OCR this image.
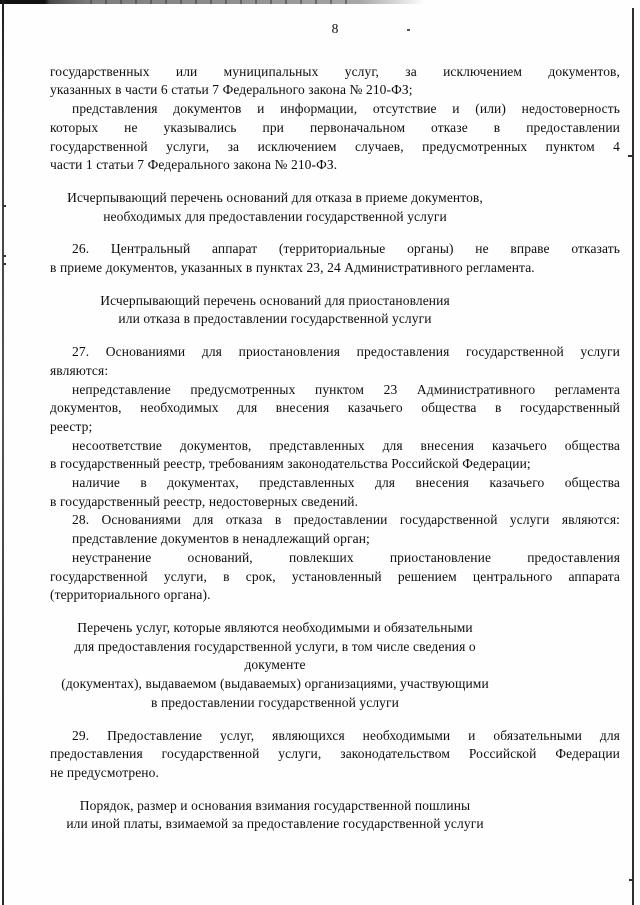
8
государственных или муниципальных услуг, за исключением документов,
указанных в части 6 статьи 7 Федерального закона № 210-ФЗ;
представления документов и информации, отсутствие и (или) недостоверность
которых не указывались при первоначальном отказе в предоставлении
государственной услуги, за исключением случаев, предусмотренных пунктом 4
части 1 статьи 7 Федерального закона № 210-ФЗ.
Исчерпывающий перечень оснований для отказа в приеме документов,
необходимых для предоставлении государственной услуги
26. Центральный аппарат (территориальные органы) не вправе отказать
в приеме документов, указанных в пунктах 23, 24 Административного регламента.
Исчерпывающий перечень оснований для приостановления
или отказа в предоставлении государственной услуги
27. Основаниями для приостановления предоставления государственной услуги
являются:
непредставление предусмотренных пунктом 23 Административного регламента
документов, необходимых для внесения казачьего общества в государственный
реестр;
несоответствие документов, представленных для внесения казачьего общества
в государственный реестр, требованиям законодательства Российской Федерации;
наличие в документах, представленных для внесения казачьего общества
в государственный реестр, недостоверных сведений.
28. Основаниями для отказа в предоставлении государственной услуги являются:
представление документов в ненадлежащий орган;
неустранение оснований, повлекших приостановление предоставления
государственной услуги, в срок, установленный решением центрального аппарата
(территориального органа).
Перечень услуг, которые являются необходимыми и обязательными
для предоставления государственной услуги, в том числе сведения о документе
(документах), выдаваемом (выдаваемых) организациями, участвующими
в предоставлении государственной услуги
29. Предоставление услуг, являющихся необходимыми и обязательными для
предоставления государственной услуги, законодательством Российской Федерации
не предусмотрено.
Порядок, размер и основания взимания государственной пошлины
или иной платы, взимаемой за предоставление государственной услуги
